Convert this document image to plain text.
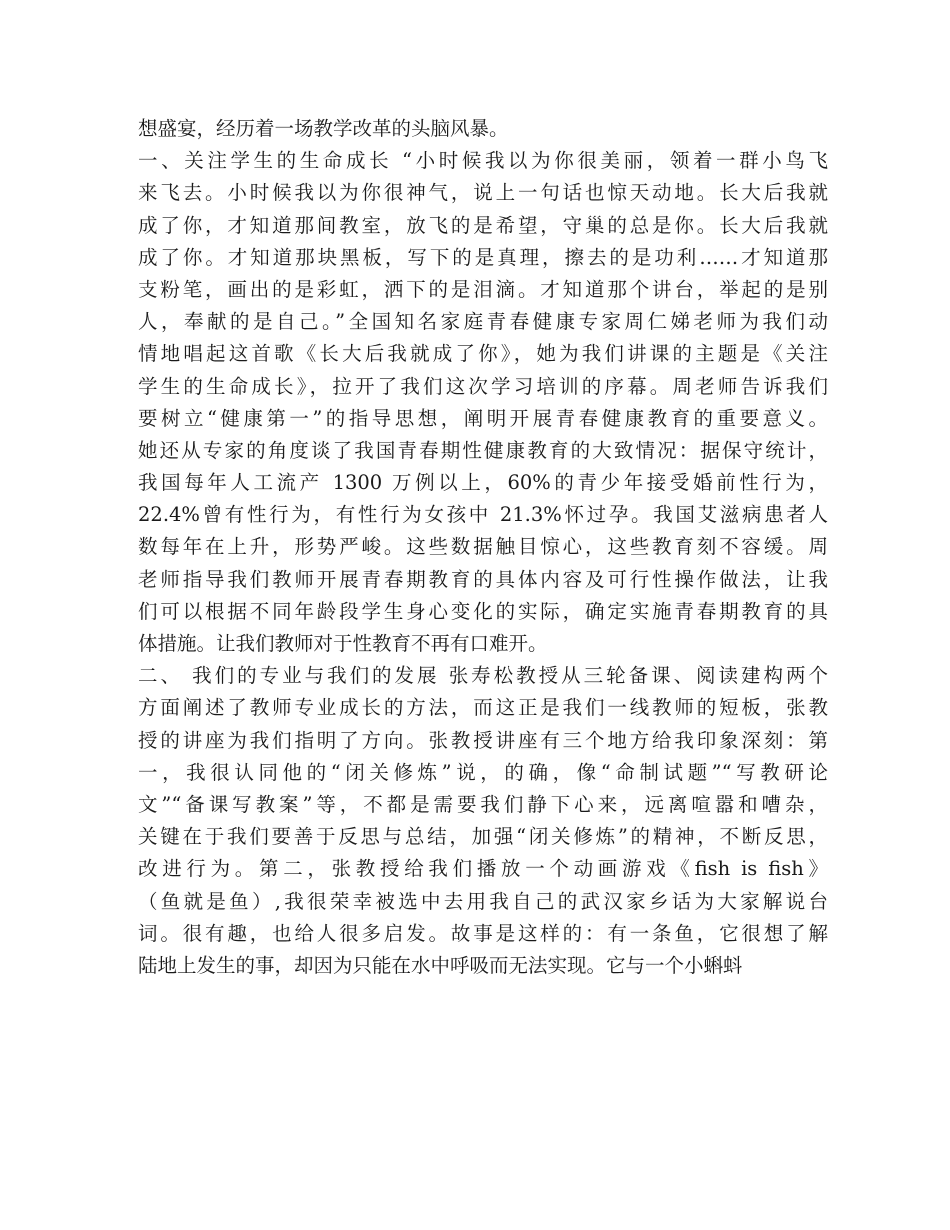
想盛宴，经历着一场教学改革的头脑风暴。
一、关注学生的生命成长 “小时候我以为你很美丽，领着一群小鸟飞
来飞去。小时候我以为你很神气，说上一句话也惊天动地。长大后我就
成了你，才知道那间教室，放飞的是希望，守巢的总是你。长大后我就
成了你。才知道那块黑板，写下的是真理，擦去的是功利……才知道那
支粉笔，画出的是彩虹，洒下的是泪滴。才知道那个讲台，举起的是别
人，奉献的是自己。”全国知名家庭青春健康专家周仁娣老师为我们动
情地唱起这首歌《长大后我就成了你》，她为我们讲课的主题是《关注
学生的生命成长》，拉开了我们这次学习培训的序幕。周老师告诉我们
要树立“健康第一”的指导思想，阐明开展青春健康教育的重要意义。
她还从专家的角度谈了我国青春期性健康教育的大致情况：据保守统计，
我国每年人工流产 1300 万例以上，60%的青少年接受婚前性行为，
22.4%曾有性行为，有性行为女孩中 21.3%怀过孕。我国艾滋病患者人
数每年在上升，形势严峻。这些数据触目惊心，这些教育刻不容缓。周
老师指导我们教师开展青春期教育的具体内容及可行性操作做法，让我
们可以根据不同年龄段学生身心变化的实际，确定实施青春期教育的具
体措施。让我们教师对于性教育不再有口难开。
二、 我们的专业与我们的发展 张寿松教授从三轮备课、阅读建构两个
方面阐述了教师专业成长的方法，而这正是我们一线教师的短板，张教
授的讲座为我们指明了方向。张教授讲座有三个地方给我印象深刻：第
一，我很认同他的“闭关修炼”说，的确，像“命制试题”“写教研论
文”“备课写教案”等，不都是需要我们静下心来，远离喧嚣和嘈杂，
关键在于我们要善于反思与总结，加强“闭关修炼”的精神，不断反思，
改进行为。第二，张教授给我们播放一个动画游戏《fish is fish》
（鱼就是鱼）,我很荣幸被选中去用我自己的武汉家乡话为大家解说台
词。很有趣，也给人很多启发。故事是这样的：有一条鱼，它很想了解
陆地上发生的事，却因为只能在水中呼吸而无法实现。它与一个小蝌蚪
